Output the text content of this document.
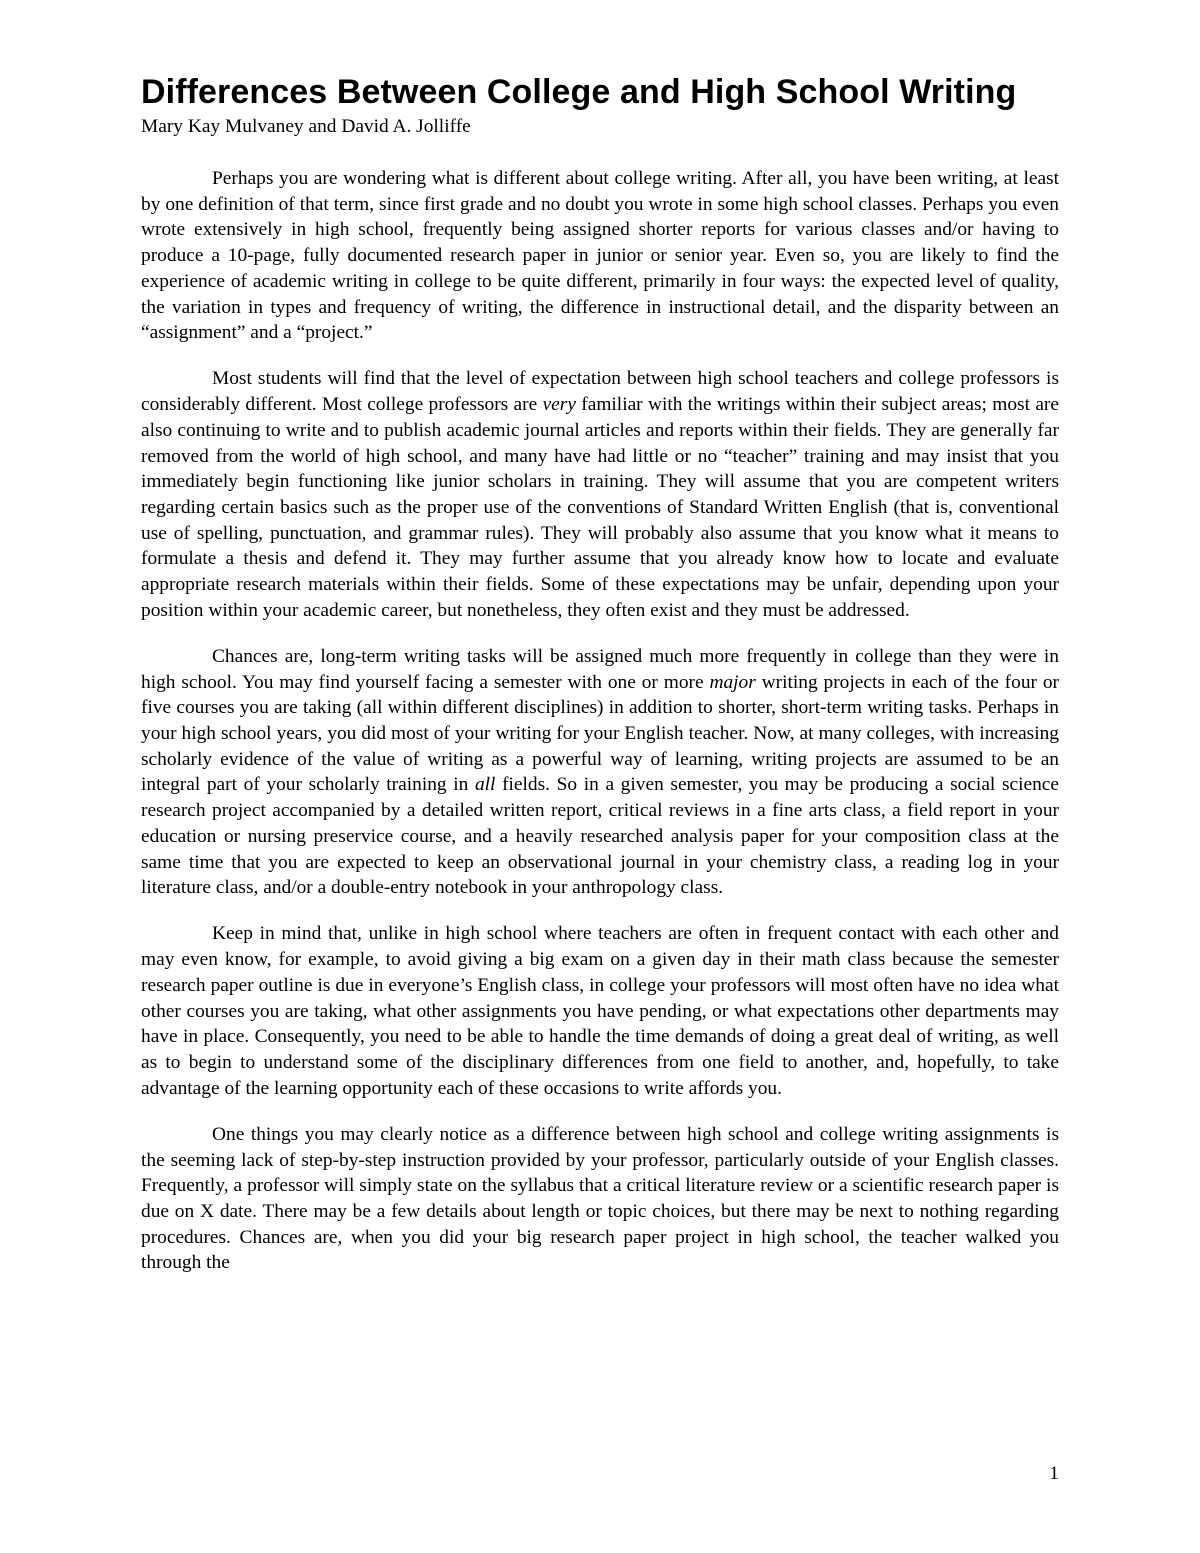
Differences Between College and High School Writing
Mary Kay Mulvaney and David A. Jolliffe

Perhaps you are wondering what is different about college writing. After all, you have been writing, at least by one definition of that term, since first grade and no doubt you wrote in some high school classes. Perhaps you even wrote extensively in high school, frequently being assigned shorter reports for various classes and/or having to produce a 10-page, fully documented research paper in junior or senior year. Even so, you are likely to find the experience of academic writing in college to be quite different, primarily in four ways: the expected level of quality, the variation in types and frequency of writing, the difference in instructional detail, and the disparity between an “assignment” and a “project.”

Most students will find that the level of expectation between high school teachers and college professors is considerably different. Most college professors are very familiar with the writings within their subject areas; most are also continuing to write and to publish academic journal articles and reports within their fields. They are generally far removed from the world of high school, and many have had little or no “teacher” training and may insist that you immediately begin functioning like junior scholars in training. They will assume that you are competent writers regarding certain basics such as the proper use of the conventions of Standard Written English (that is, conventional use of spelling, punctuation, and grammar rules). They will probably also assume that you know what it means to formulate a thesis and defend it. They may further assume that you already know how to locate and evaluate appropriate research materials within their fields. Some of these expectations may be unfair, depending upon your position within your academic career, but nonetheless, they often exist and they must be addressed.

Chances are, long-term writing tasks will be assigned much more frequently in college than they were in high school. You may find yourself facing a semester with one or more major writing projects in each of the four or five courses you are taking (all within different disciplines) in addition to shorter, short-term writing tasks. Perhaps in your high school years, you did most of your writing for your English teacher. Now, at many colleges, with increasing scholarly evidence of the value of writing as a powerful way of learning, writing projects are assumed to be an integral part of your scholarly training in all fields. So in a given semester, you may be producing a social science research project accompanied by a detailed written report, critical reviews in a fine arts class, a field report in your education or nursing preservice course, and a heavily researched analysis paper for your composition class at the same time that you are expected to keep an observational journal in your chemistry class, a reading log in your literature class, and/or a double-entry notebook in your anthropology class.

Keep in mind that, unlike in high school where teachers are often in frequent contact with each other and may even know, for example, to avoid giving a big exam on a given day in their math class because the semester research paper outline is due in everyone’s English class, in college your professors will most often have no idea what other courses you are taking, what other assignments you have pending, or what expectations other departments may have in place. Consequently, you need to be able to handle the time demands of doing a great deal of writing, as well as to begin to understand some of the disciplinary differences from one field to another, and, hopefully, to take advantage of the learning opportunity each of these occasions to write affords you.

One things you may clearly notice as a difference between high school and college writing assignments is the seeming lack of step-by-step instruction provided by your professor, particularly outside of your English classes. Frequently, a professor will simply state on the syllabus that a critical literature review or a scientific research paper is due on X date. There may be a few details about length or topic choices, but there may be next to nothing regarding procedures. Chances are, when you did your big research paper project in high school, the teacher walked you through the

1
